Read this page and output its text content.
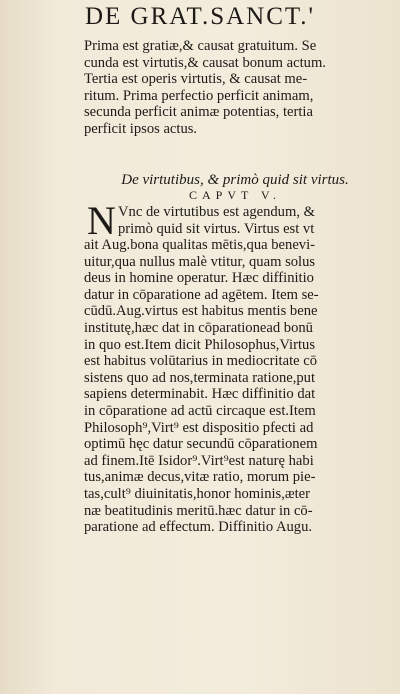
DE GRAT.SANCT.'
Prima est gratiæ,& causat gratuitum. Se
cunda est virtutis,& causat bonum actum.
Tertia est operis virtutis, & causat me-
ritum. Prima perfectio perficit animam,
secunda perficit animæ potentias, tertia
perficit ipsos actus.
De virtutibus, & primò quid sit virtus.
CAPVT V.
N Vnc de virtutibus est agendum, &
primò quid sit virtus. Virtus est vt
ait Aug.bona qualitas mētis,qua benevi-
uitur,qua nullus malè vtitur, quam solus
deus in homine operatur. Hæc diffinitio
datur in cōparatione ad agētem. Item se-
cūdū.Aug.virtus est habitus mentis bene
institutę,hæc dat in cōparationead bonū
in quo est.Item dicit Philosophus,Virtus
est habitus volūtarius in mediocritate cō
sistens quo ad nos,terminata ratione,put
sapiens determinabit. Hæc diffinitio dat
in cōparatione ad actū circaque est.Item
Philosoph⁹,Virt⁹ est dispositio pfecti ad
optimū hęc datur secundū cōparationem
ad finem.Itē Isidor⁹.Virt⁹est naturę habi
tus,animæ decus,vitæ ratio, morum pie-
tas,cult⁹ diuinitatis,honor hominis,æter
næ beatitudinis meritū.hæc datur in cō-
paratione ad effectum. Diffinitio Augu.
